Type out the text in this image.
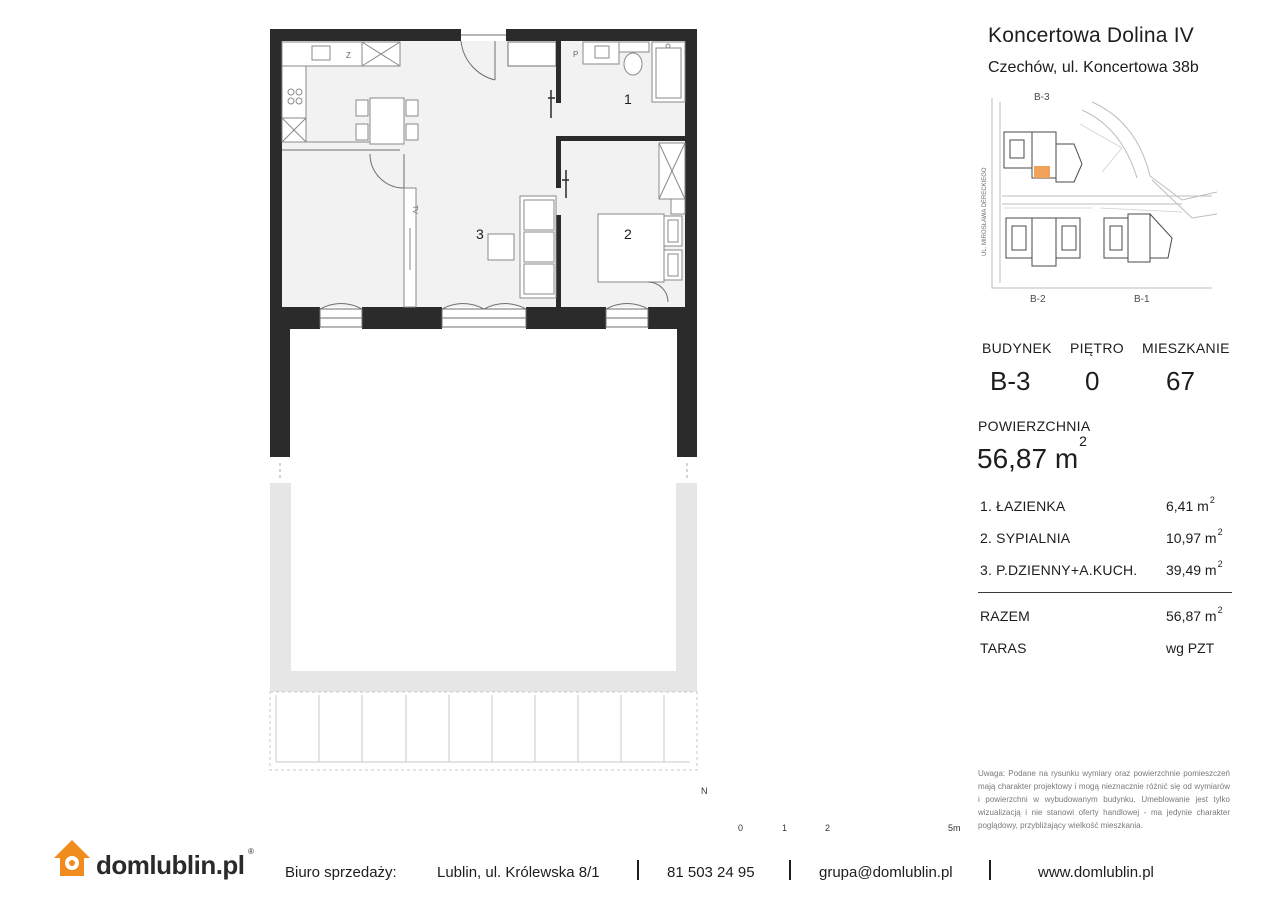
Z
TV
P
1
2
3
N
0	1	2	5m
Koncertowa Dolina IV
Czechów, ul. Koncertowa 38b
B-3
B-2	B-1
UL. MIROSŁAWA DERECKIEGO
BUDYNEK PIĘTRO MIESZKANIE
B-3 0	67
POWIERZCHNIA
56,87 $m^2$
1. ŁAZIENKA	6,41 $m^2$
2. SYPIALNIA	10,97 $m^2$
3. P.DZIENNY+A.KUCH. 39,49 $m^2$
RAZEM	56,87 $m^2$
TARAS	wg PZT
Uwaga: Podane na rysunku wymiary oraz powierzchnie pomieszczeń mają charakter projektowy i mogą nieznacznie różnić się od wymiarów i powierzchni w wybudowanym budynku. Umeblowanie jest tylko wizualizacją i nie stanowi oferty handlowej - ma jedynie charakter poglądowy, przybliżający wielkość mieszkania.
domlublin.pl ®
Biuro sprzedaży:	Lublin, ul. Królewska 8/1	81 503 24 95	grupa@domlublin.pl	www.domlublin.pl
